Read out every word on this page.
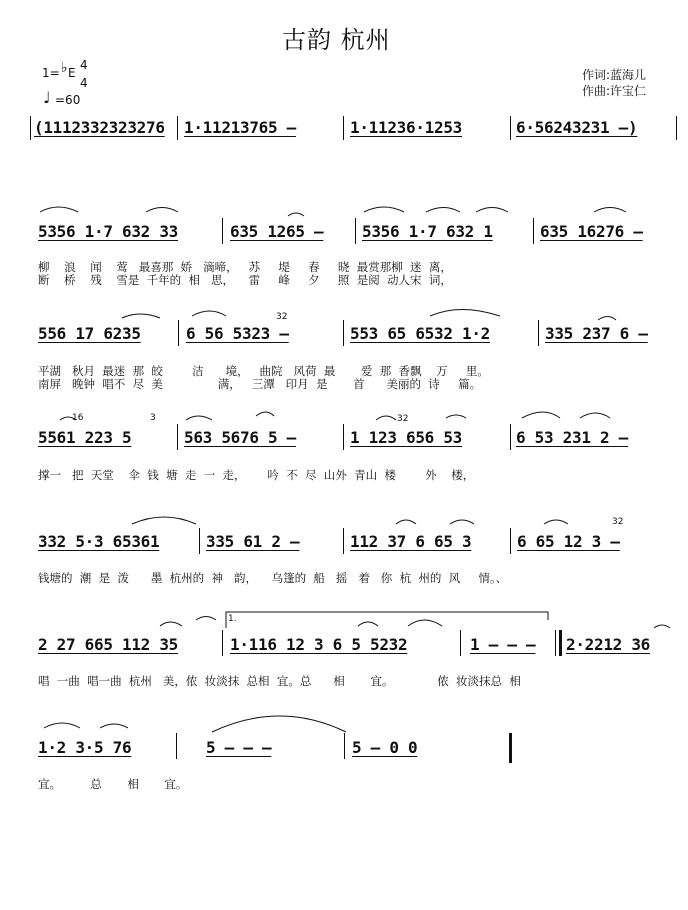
古韵 杭州
1= ♭ E
4
4
♩ =60
作词:蓝海儿
作曲:许宝仁
(1112332323276 1·11213765 –	1·11236·1253	6·56243231 –)
5356 1·7 632 33	635 1265 – 5356 1·7 632 1	635 16276 –
柳    浪    闻    莺   最喜那  娇   滴啼，   苏     堤     春     晓  最赏那柳  迷  离，
断    桥    残    雪是  千年的  相   思，    雷     峰     夕     照  是阅  动人宋  词，
556 17 6235	6 56 5323 –	553 65 6532 1·2	335 237 6 –
32
平湖   秋月  最迷  那  皎        洁      境，   曲院   风荷  最       爱  那  香飘    万     里。
南屏   晚钟  唱不  尽  美               满，   三潭   印月  是       首      美丽的  诗     篇。
5561 223 5	563 5676 5 –	1 123 656 53	6 53 231 2 –
16	3	32
撑一   把  天堂    伞  钱  塘  走  一  走，      吟  不  尽  山外  青山  楼        外    楼，
332 5·3 65361	335 61 2 –	112 37 6 65 3	6 65 12 3 –
32
钱塘的  潮  是  泼      墨  杭州的  神   韵，    乌篷的  船   摇   着   你  杭  州的  风     情。、
1.
2 27 665 112 35	1·116 12 3 6 5 5232	1 – – – 2·2212 36
唱  一曲  唱一曲  杭州   美，侬  妆淡抹  总相  宜。总      相       宜。            侬  妆淡抹总  相
1·2 3·5 76	5 – – –	5 – 0 0
宜。        总       相       宜。
